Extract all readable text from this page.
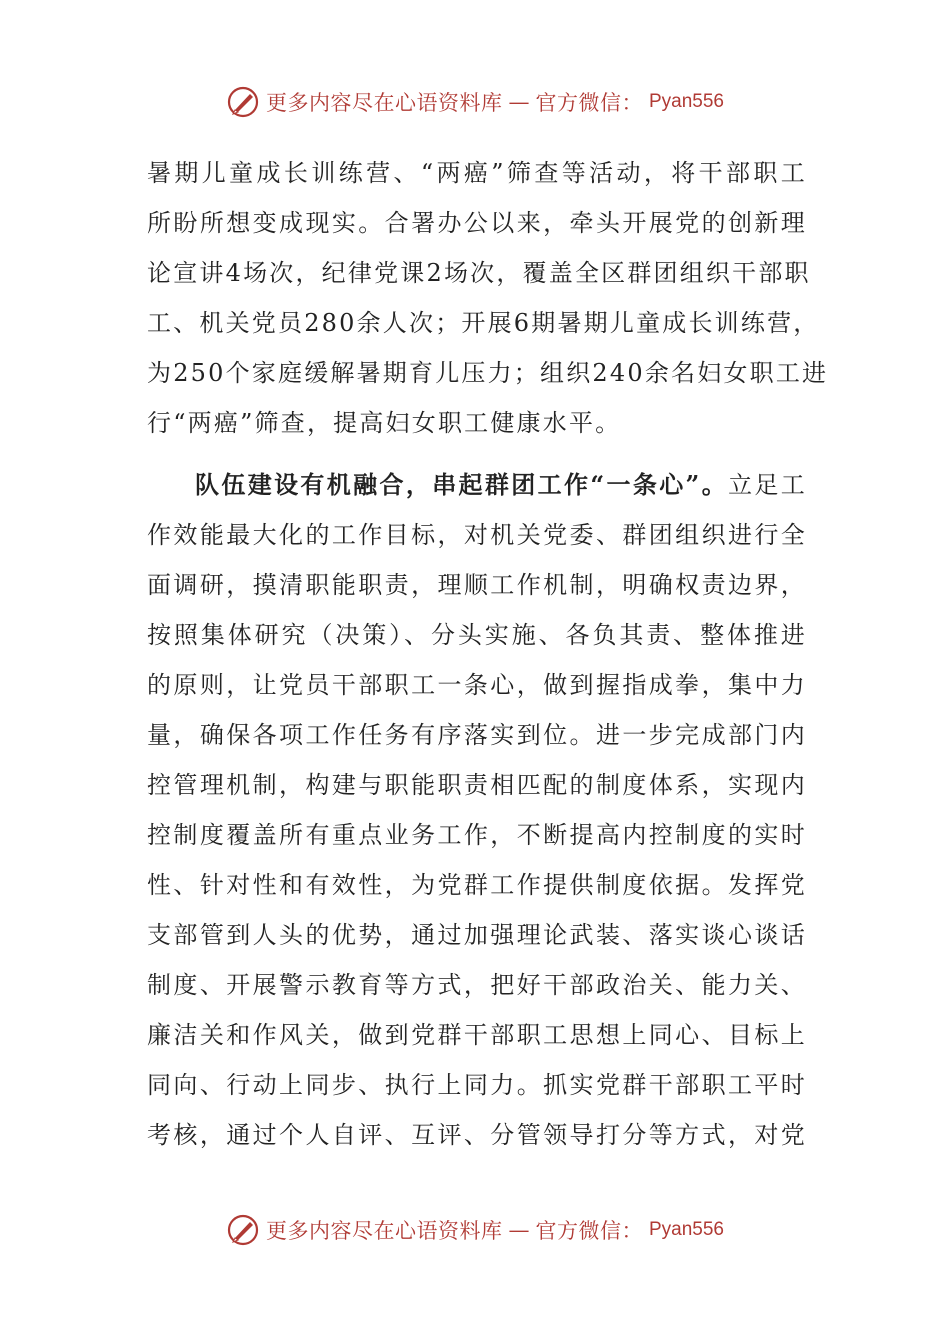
更多内容尽在心语资料库 — 官方微信： Pyan556
暑期儿童成长训练营、“两癌”筛查等活动，将干部职工
所盼所想变成现实。合署办公以来，牵头开展党的创新理
论宣讲4场次，纪律党课2场次，覆盖全区群团组织干部职
工、机关党员280余人次；开展6期暑期儿童成长训练营，
为250个家庭缓解暑期育儿压力；组织240余名妇女职工进
行“两癌”筛查，提高妇女职工健康水平。
队伍建设有机融合，串起群团工作“一条心”。立足工
作效能最大化的工作目标，对机关党委、群团组织进行全
面调研，摸清职能职责，理顺工作机制，明确权责边界，
按照集体研究（决策）、分头实施、各负其责、整体推进
的原则，让党员干部职工一条心，做到握指成拳，集中力
量，确保各项工作任务有序落实到位。进一步完成部门内
控管理机制，构建与职能职责相匹配的制度体系，实现内
控制度覆盖所有重点业务工作，不断提高内控制度的实时
性、针对性和有效性，为党群工作提供制度依据。发挥党
支部管到人头的优势，通过加强理论武装、落实谈心谈话
制度、开展警示教育等方式，把好干部政治关、能力关、
廉洁关和作风关，做到党群干部职工思想上同心、目标上
同向、行动上同步、执行上同力。抓实党群干部职工平时
考核，通过个人自评、互评、分管领导打分等方式，对党
更多内容尽在心语资料库 — 官方微信： Pyan556
